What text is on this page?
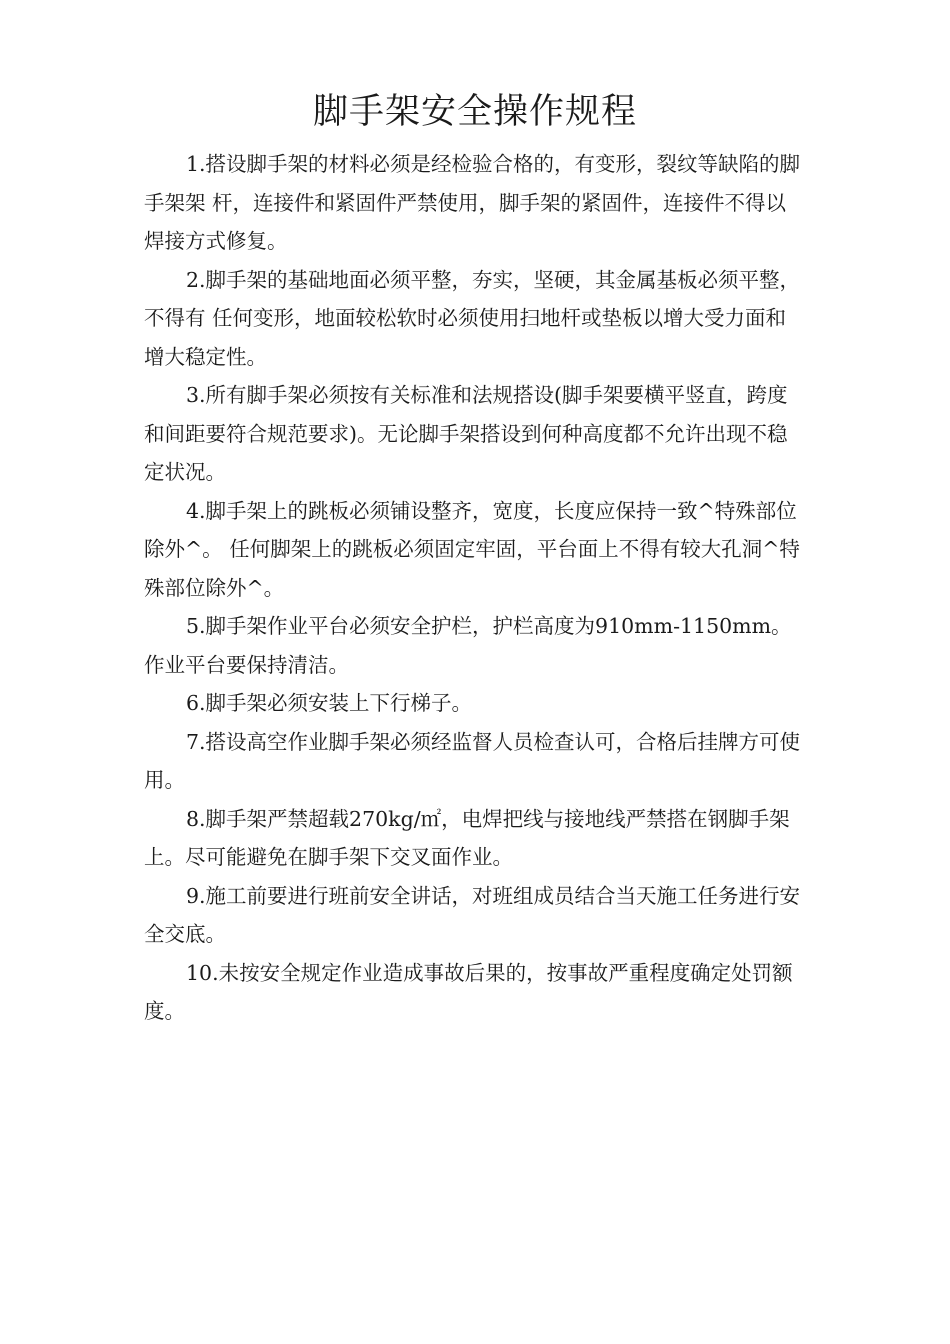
脚手架安全操作规程
1.搭设脚手架的材料必须是经检验合格的，有变形，裂纹等缺陷的脚手架架 杆，连接件和紧固件严禁使用，脚手架的紧固件，连接件不得以焊接方式修复。
2.脚手架的基础地面必须平整，夯实，坚硬，其金属基板必须平整，不得有 任何变形，地面较松软时必须使用扫地杆或垫板以增大受力面和增大稳定性。
3.所有脚手架必须按有关标准和法规搭设(脚手架要横平竖直，跨度和间距要符合规范要求)。无论脚手架搭设到何种高度都不允许出现不稳定状况。
4.脚手架上的跳板必须铺设整齐，宽度，长度应保持一致^特殊部位除外^。 任何脚架上的跳板必须固定牢固，平台面上不得有较大孔洞^特殊部位除外^。
5.脚手架作业平台必须安全护栏，护栏高度为910mm-1150mm。作业平台要保持清洁。
6.脚手架必须安装上下行梯子。
7.搭设高空作业脚手架必须经监督人员检查认可，合格后挂牌方可使用。
8.脚手架严禁超载270kg/㎡，电焊把线与接地线严禁搭在钢脚手架上。尽可能避免在脚手架下交叉面作业。
9.施工前要进行班前安全讲话，对班组成员结合当天施工任务进行安全交底。
10.未按安全规定作业造成事故后果的，按事故严重程度确定处罚额度。
